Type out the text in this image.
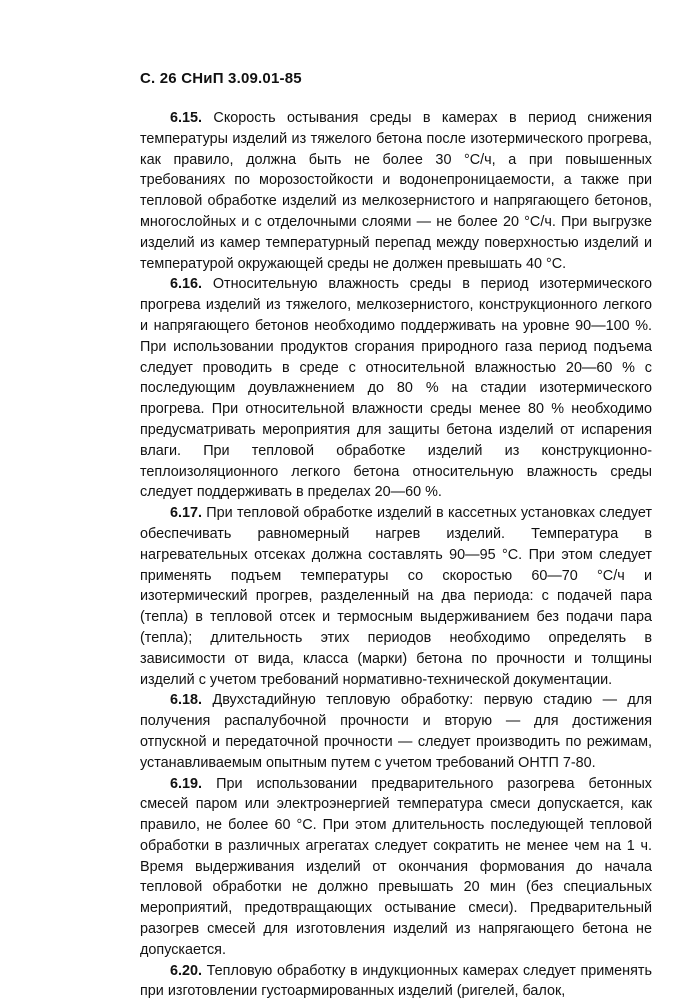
С. 26 СНиП 3.09.01-85

6.15. Скорость остывания среды в камерах в период снижения температуры изделий из тяжелого бетона после изотермического прогрева, как правило, должна быть не более 30 °С/ч, а при повышенных требованиях по морозостойкости и водонепроницаемости, а также при тепловой обработке изделий из мелкозернистого и напрягающего бетонов, многослойных и с отделочными слоями — не более 20 °С/ч. При выгрузке изделий из камер температурный перепад между поверхностью изделий и температурой окружающей среды не должен превышать 40 °С.

6.16. Относительную влажность среды в период изотермического прогрева изделий из тяжелого, мелкозернистого, конструкционного легкого и напрягающего бетонов необходимо поддерживать на уровне 90—100 %. При использовании продуктов сгорания природного газа период подъема следует проводить в среде с относительной влажностью 20—60 % с последующим доувлажнением до 80 % на стадии изотермического прогрева. При относительной влажности среды менее 80 % необходимо предусматривать мероприятия для защиты бетона изделий от испарения влаги. При тепловой обработке изделий из конструкционно-теплоизоляционного легкого бетона относительную влажность среды следует поддерживать в пределах 20—60 %.

6.17. При тепловой обработке изделий в кассетных установках следует обеспечивать равномерный нагрев изделий. Температура в нагревательных отсеках должна составлять 90—95 °С. При этом следует применять подъем температуры со скоростью 60—70 °С/ч и изотермический прогрев, разделенный на два периода: с подачей пара (тепла) в тепловой отсек и термосным выдерживанием без подачи пара (тепла); длительность этих периодов необходимо определять в зависимости от вида, класса (марки) бетона по прочности и толщины изделий с учетом требований нормативно-технической документации.

6.18. Двухстадийную тепловую обработку: первую стадию — для получения распалубочной прочности и вторую — для достижения отпускной и передаточной прочности — следует производить по режимам, устанавливаемым опытным путем с учетом требований ОНТП 7-80.

6.19. При использовании предварительного разогрева бетонных смесей паром или электроэнергией температура смеси допускается, как правило, не более 60 °С. При этом длительность последующей тепловой обработки в различных агрегатах следует сократить не менее чем на 1 ч. Время выдерживания изделий от окончания формования до начала тепловой обработки не должно превышать 20 мин (без специальных мероприятий, предотвращающих остывание смеси). Предварительный разогрев смесей для изготовления изделий из напрягающего бетона не допускается.

6.20. Тепловую обработку в индукционных камерах следует применять при изготовлении густоармированных изделий (ригелей, балок,
